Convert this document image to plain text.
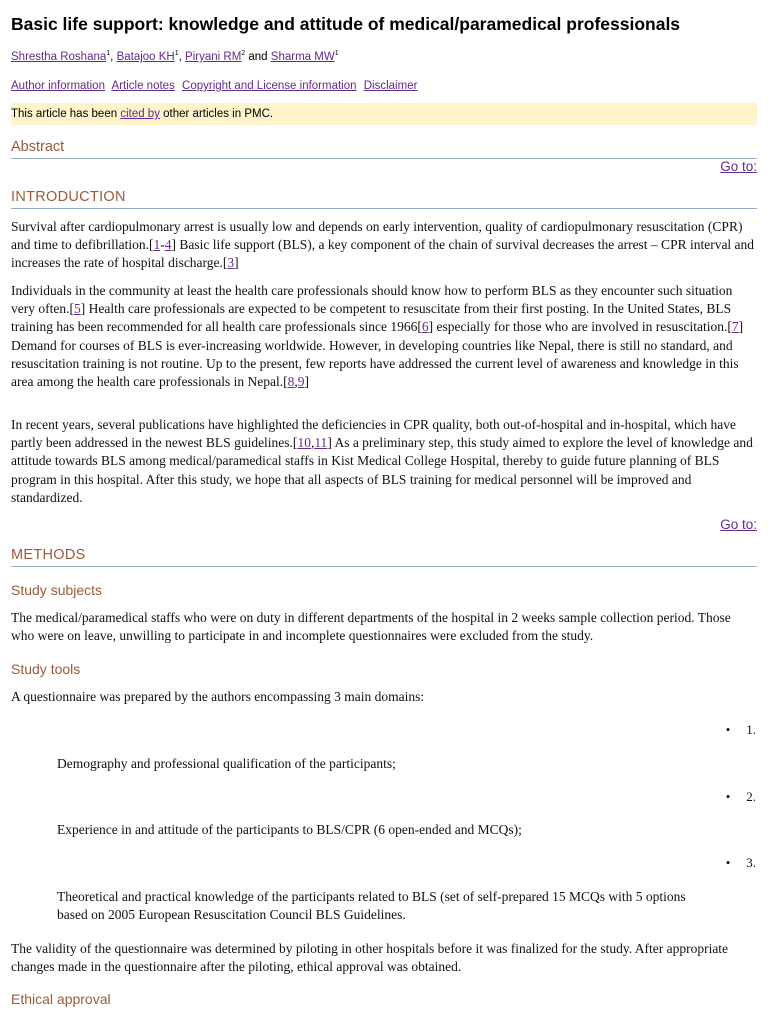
Basic life support: knowledge and attitude of medical/paramedical professionals
Shrestha Roshana$^1$, Batajoo $KH^1$, Piryani $RM^2$ and Sharma $MW^1$
Author information Article notes Copyright and License information Disclaimer
This article has been cited by other articles in PMC.
Abstract
Go to:
INTRODUCTION

Survival after cardiopulmonary arrest is usually low and depends on early intervention, quality of cardiopulmonary resuscitation (CPR) and time to defibrillation.[1-4] Basic life support (BLS), a key component of the chain of survival decreases the arrest – CPR interval and increases the rate of hospital discharge.[3]

Individuals in the community at least the health care professionals should know how to perform BLS as they encounter such situation very often.[5] Health care professionals are expected to be competent to resuscitate from their first posting. In the United States, BLS training has been recommended for all health care professionals since 1966[6] especially for those who are involved in resuscitation.[7] Demand for courses of BLS is ever-increasing worldwide. However, in developing countries like Nepal, there is still no standard, and resuscitation training is not routine. Up to the present, few reports have addressed the current level of awareness and knowledge in this area among the health care professionals in Nepal.[8,9]

In recent years, several publications have highlighted the deficiencies in CPR quality, both out-of-hospital and in-hospital, which have partly been addressed in the newest BLS guidelines.[10,11] As a preliminary step, this study aimed to explore the level of knowledge and attitude towards BLS among medical/paramedical staffs in Kist Medical College Hospital, thereby to guide future planning of BLS program in this hospital. After this study, we hope that all aspects of BLS training for medical personnel will be improved and standardized.

Go to:
METHODS
Study subjects

The medical/paramedical staffs who were on duty in different departments of the hospital in 2 weeks sample collection period. Those who were on leave, unwilling to participate in and incomplete questionnaires were excluded from the study.

Study tools

A questionnaire was prepared by the authors encompassing 3 main domains:

• 1.
Demography and professional qualification of the participants;
• 2.
Experience in and attitude of the participants to BLS/CPR (6 open-ended and MCQs);
• 3.
Theoretical and practical knowledge of the participants related to BLS (set of self-prepared 15 MCQs with 5 options based on 2005 European Resuscitation Council BLS Guidelines.

The validity of the questionnaire was determined by piloting in other hospitals before it was finalized for the study. After appropriate changes made in the questionnaire after the piloting, ethical approval was obtained.

Ethical approval
